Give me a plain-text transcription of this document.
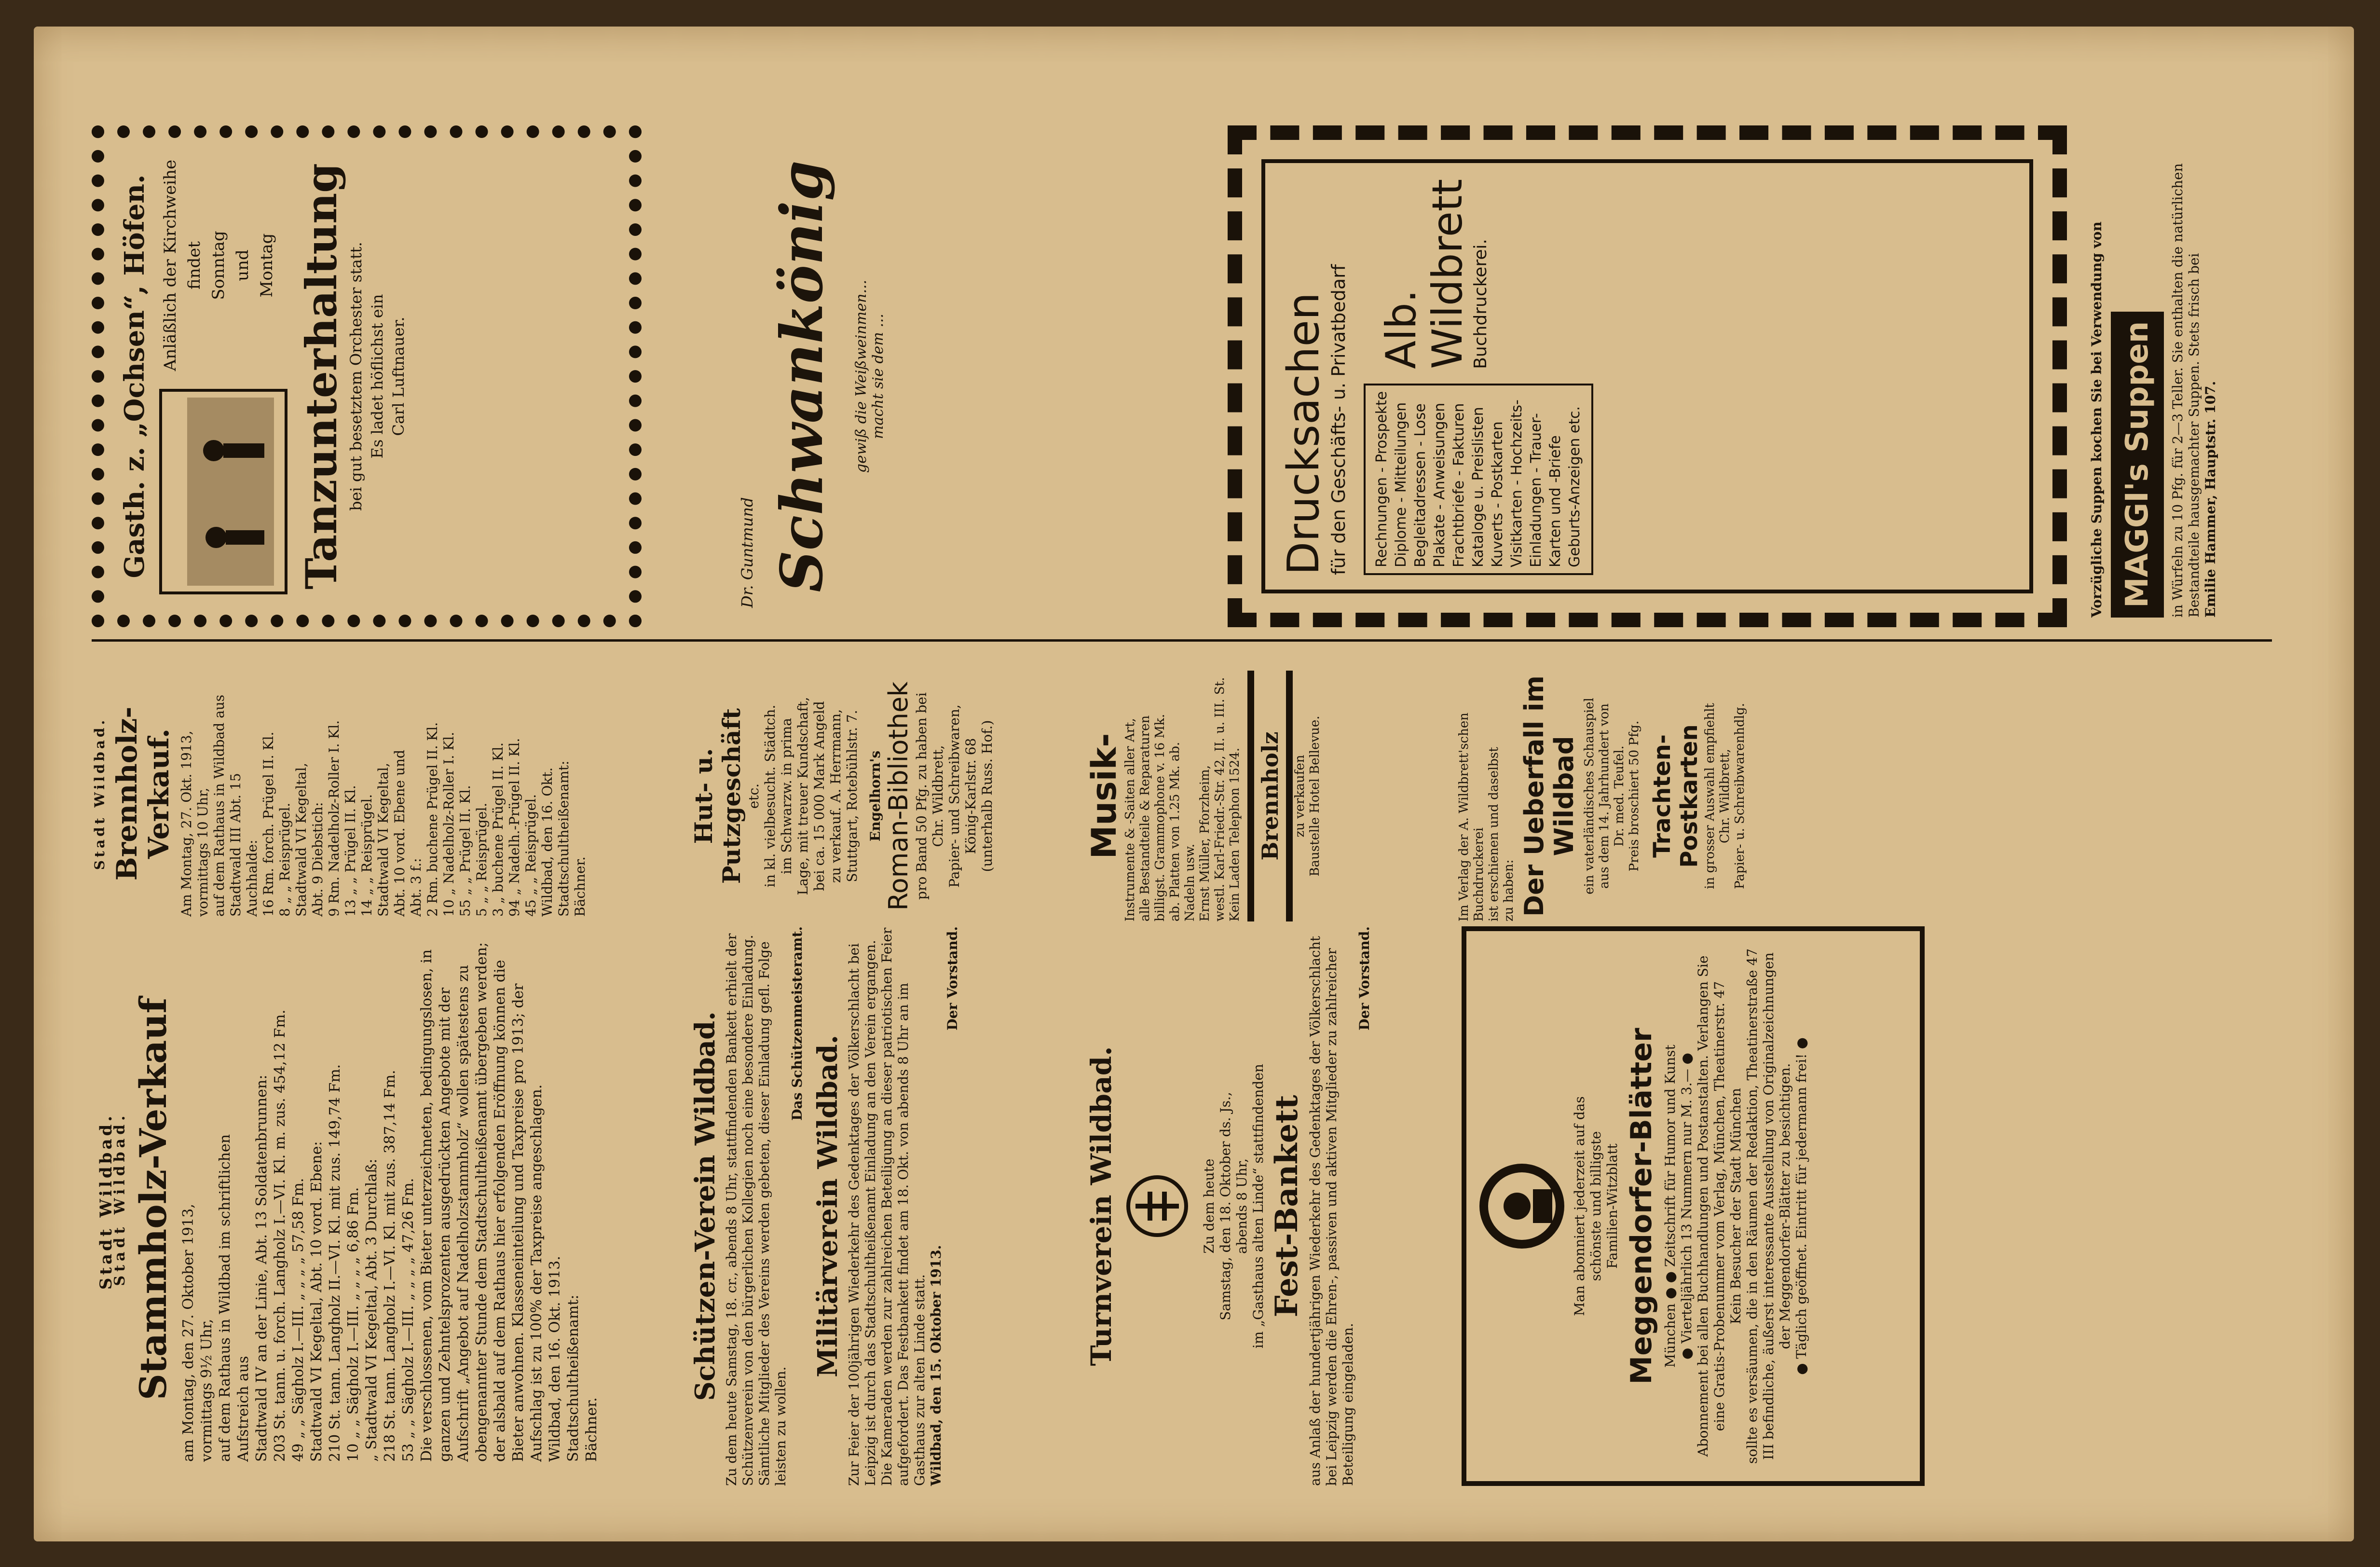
Stadt Wildbad.
Stadt Wildbad. Stammholz-Verkauf am Montag, den 27. Oktober 1913, vormittags 9½ Uhr, auf dem Rathaus in Wildbad im schriftlichen Aufstreich aus Stadtwald IV an der Linie, Abt. 13 Soldatenbrunnen: 203 St. tann. u. forch. Langholz I.—VI. Kl. m. zus. 454,12 Fm. 49 „ „ Sägholz I.—III. „ „ „ „ 57,58 Fm. Stadtwald VI Kegeltal, Abt. 10 vord. Ebene: 210 St. tann. Langholz II.—VI. Kl. mit zus. 149,74 Fm. 10 „ „ Sägholz I.—III. „ „ „ „ 6,86 Fm. „ Stadtwald VI Kegeltal, Abt. 3 Durchlaß: 218 St. tann. Langholz I.—VI. Kl. mit zus. 387,14 Fm. 53 „ „ Sägholz I.—III. „ „ „ „ 47,26 Fm. Die verschlossenen, vom Bieter unterzeichneten, bedingungslosen, in ganzen und Zehntelsprozenten ausgedrückten Angebote mit der Aufschrift „Angebot auf Nadelholzstammholz“ wollen spätestens zu obengenannter Stunde dem Stadtschultheißenamt übergeben werden; der alsbald auf dem Rathaus hier erfolgenden Eröffnung können die Bieter anwohnen. Klasseneinteilung und Taxpreise pro 1913; der Aufschlag ist zu 100% der Taxpreise angeschlagen. Wildbad, den 16. Okt. 1913. Stadtschultheißenamt: Bächner.
Stadt Wildbad. Brennholz-Verkauf. Am Montag, 27. Okt. 1913, vormittags 10 Uhr, auf dem Rathaus in Wildbad aus Stadtwald III Abt. 15 Auchhalde: 16 Rm. forch. Prügel II. Kl. 8 „ „ Reisprügel. Stadtwald VI Kegeltal, Abt. 9 Diebstich: 9 Rm. Nadelholz-Roller I. Kl. 13 „ „ Prügel II. Kl. 14 „ „ Reisprügel. Stadtwald VI Kegeltal, Abt. 10 vord. Ebene und Abt. 3 f.: 2 Rm. buchene Prügel II. Kl. 10 „ Nadelholz-Roller I. Kl. 55 „ „ Prügel II. Kl. 5 „ „ Reisprügel. 3 „ buchene Prügel II. Kl. 94 „ Nadelh.-Prügel II. Kl. 45 „ „ Reisprügel. Wildbad, den 16. Okt. Stadtschultheißenamt: Bächner.
Schützen-Verein Wildbad. Zu dem heute Samstag, 18. cr., abends 8 Uhr, stattfindenden Bankett erhielt der Schützenverein von den bürgerlichen Kollegien noch eine besondere Einladung. Sämtliche Mitglieder des Vereins werden gebeten, dieser Einladung gefl. Folge leisten zu wollen.
Das Schützenmeisteramt.
Militärverein Wildbad. Zur Feier der 100jährigen Wiederkehr des Gedenktages der Völkerschlacht bei Leipzig ist durch das Stadtschultheißenamt Einladung an den Verein ergangen. Die Kameraden werden zur zahlreichen Beteiligung an dieser patriotischen Feier aufgefordert. Das Festbankett findet am 18. Okt. von abends 8 Uhr an im Gasthaus zur alten Linde statt. Wildbad, den 15. Oktober 1913.
Der Vorstand.
Hut- u. Putzgeschäft etc. in kl. vielbesucht. Städtch. im Schwarzw. in prima Lage, mit treuer Kundschaft, bei ca. 15 000 Mark Angeld zu verkauf. A. Herrmann, Stuttgart, Rotebühlstr. 7. Engelhorn's Roman-Bibliothek pro Band 50 Pfg. zu haben bei Chr. Wildbrett, Papier- und Schreibwaren, König-Karlstr. 68 (unterhalb Russ. Hof.)
Turnverein Wildbad.	Zu dem heute Samstag, den 18. Oktober ds. Js., abends 8 Uhr, im „Gasthaus alten Linde“ stattfindenden Fest-Bankett aus Anlaß der hundertjährigen Wiederkehr des Gedenktages der Völkerschlacht bei Leipzig werden die Ehren-, passiven und aktiven Mitglieder zu zahlreicher Beteiligung eingeladen.
Der Vorstand.
Musik-
Instrumente & -Saiten aller Art, alle Bestandteile & Reparaturen billigst. Grammophone v. 16 Mk. ab. Platten von 1.25 Mk. ab. Nadeln usw. Ernst Müller, Pforzheim, westl. Karl-Friedr.-Str. 42, II. u. III. St. Kein Laden Telephon 1524. Brennholz zu verkaufen Baustelle Hotel Bellevue.	Im Verlag der A. Wildbrett'schen Buchdruckerei ist erschienen und daselbst zu haben: Der Ueberfall im Wildbad ein vaterländisches Schauspiel aus dem 14. Jahrhundert von Dr. med. Teufel. Preis broschiert 50 Pfg. Trachten-Postkarten in grosser Auswahl empfiehlt Chr. Wildbrett, Papier- u. Schreibwarenhdlg.
Man abonniert jederzeit auf das schönste und billigste Familien-Witzblatt Meggendorfer-Blätter München ● ● Zeitschrift für Humor und Kunst ● Vierteljährlich 13 Nummern nur M. 3.— ● Abonnement bei allen Buchhandlungen und Postanstalten. Verlangen Sie eine Gratis-Probenummer vom Verlag, München, Theatinerstr. 47 Kein Besucher der Stadt München sollte es versäumen, die in den Räumen der Redaktion, Theatinerstraße 47 III befindliche, äußerst interessante Ausstellung von Originalzeichnungen der Meggendorfer-Blätter zu besichtigen. ● Täglich geöffnet. Eintritt für jedermann frei! ●
Gasth. z. „Ochsen“, Höfen. Anläßlich der Kirchweihe findet Sonntag und Montag Tanzunterhaltung bei gut besetztem Orchester statt. Es ladet höflichst ein Carl Luftnauer.
Dr. Guntmund Schwankönig gewiß die Weißweinmen... macht sie dem ...	Drucksachen
für den Geschäfts- u. Privatbedarf Rechnungen - Prospekte Diplome - Mitteilungen Begleitadressen - Lose Plakate - Anweisungen Frachtbriefe - Fakturen Kataloge u. Preislisten Kuverts - Postkarten Visitkarten - Hochzeits- Einladungen - Trauer- Karten und -Briefe Geburts-Anzeigen etc.
Alb. Wildbrett
Buchdruckerei.	Vorzügliche Suppen kochen Sie bei Verwendung von MAGGI's Suppen in Würfeln zu 10 Pfg. für 2—3 Teller. Sie enthalten die natürlichen Bestandteile hausgemachter Suppen. Stets frisch bei Emilie Hammer, Hauptstr. 107.
